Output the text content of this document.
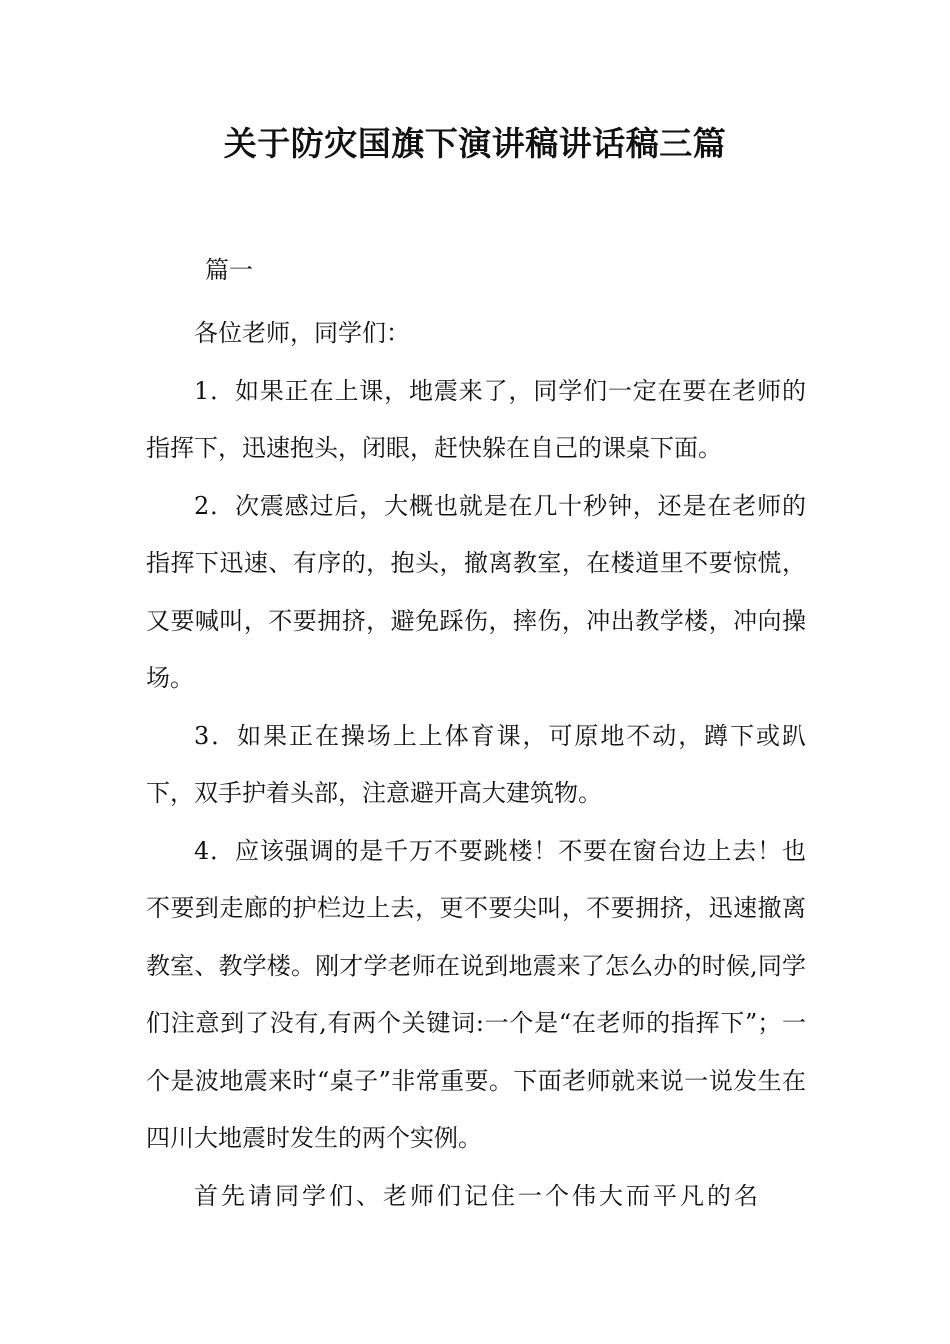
关于防灾国旗下演讲稿讲话稿三篇

篇一

各位老师，同学们：

1．如果正在上课，地震来了，同学们一定在要在老师的指挥下，迅速抱头，闭眼，赶快躲在自己的课桌下面。

2．次震感过后，大概也就是在几十秒钟，还是在老师的指挥下迅速、有序的，抱头，撤离教室，在楼道里不要惊慌，又要喊叫，不要拥挤，避免踩伤，摔伤，冲出教学楼，冲向操场。

3．如果正在操场上上体育课，可原地不动，蹲下或趴下，双手护着头部，注意避开高大建筑物。

4．应该强调的是千万不要跳楼！不要在窗台边上去！也不要到走廊的护栏边上去，更不要尖叫，不要拥挤，迅速撤离教室、教学楼。刚才学老师在说到地震来了怎么办的时候,同学们注意到了没有,有两个关键词:一个是“在老师的指挥下”；一个是波地震来时“桌子”非常重要。下面老师就来说一说发生在四川大地震时发生的两个实例。

首先请同学们、老师们记住一个伟大而平凡的名
